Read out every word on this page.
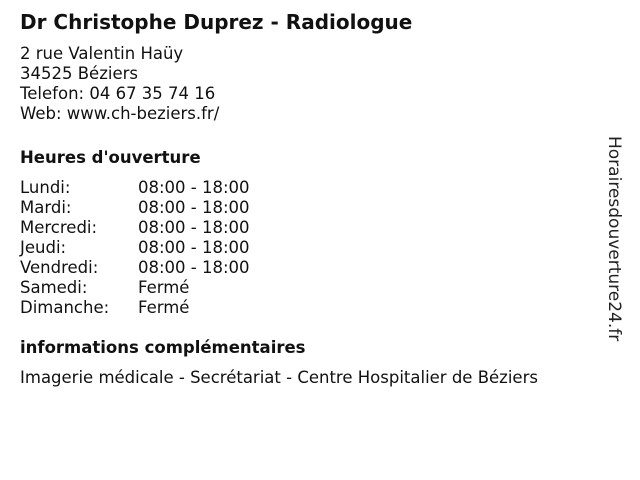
Dr Christophe Duprez - Radiologue
2 rue Valentin Haüy
34525 Béziers
Telefon: 04 67 35 74 16
Web: www.ch-beziers.fr/
Heures d'ouverture
Lundi:	08:00 - 18:00
Mardi:	08:00 - 18:00
Mercredi:	08:00 - 18:00
Jeudi:	08:00 - 18:00
Vendredi:	08:00 - 18:00
Samedi:	Fermé
Dimanche:	Fermé
informations complémentaires
Imagerie médicale - Secrétariat - Centre Hospitalier de Béziers
Horairesdouverture24.fr
